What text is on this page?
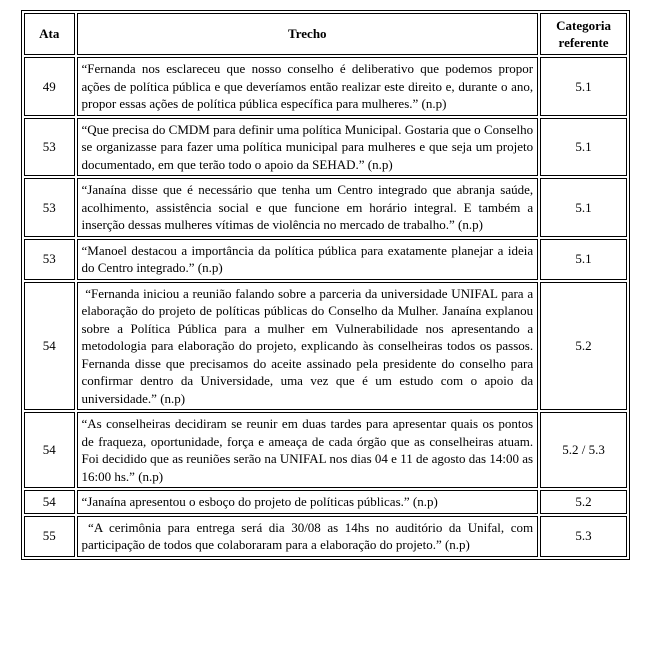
Ata	Trecho	Categoria referente
49	“Fernanda nos esclareceu que nosso conselho é deliberativo que podemos propor ações de política pública e que deveríamos então realizar este direito e, durante o ano, propor essas ações de política pública específica para mulheres.” (n.p)	5.1
53	“Que precisa do CMDM para definir uma política Municipal. Gostaria que o Conselho se organizasse para fazer uma política municipal para mulheres e que seja um projeto documentado, em que terão todo o apoio da SEHAD.” (n.p)	5.1
53	“Janaína disse que é necessário que tenha um Centro integrado que abranja saúde, acolhimento, assistência social e que funcione em horário integral. E também a inserção dessas mulheres vítimas de violência no mercado de trabalho.” (n.p)	5.1
53	“Manoel destacou a importância da política pública para exatamente planejar a ideia do Centro integrado.” (n.p)	5.1
54	“Fernanda iniciou a reunião falando sobre a parceria da universidade UNIFAL para a elaboração do projeto de políticas públicas do Conselho da Mulher. Janaína explanou sobre a Política Pública para a mulher em Vulnerabilidade nos apresentando a metodologia para elaboração do projeto, explicando às conselheiras todos os passos. Fernanda disse que precisamos do aceite assinado pela presidente do conselho para confirmar dentro da Universidade, uma vez que é um estudo com o apoio da universidade.” (n.p)	5.2
54	“As conselheiras decidiram se reunir em duas tardes para apresentar quais os pontos de fraqueza, oportunidade, força e ameaça de cada órgão que as conselheiras atuam. Foi decidido que as reuniões serão na UNIFAL nos dias 04 e 11 de agosto das 14:00 as 16:00 hs.” (n.p)	5.2 / 5.3
54	“Janaína apresentou o esboço do projeto de políticas públicas.” (n.p)	5.2
55	“A cerimônia para entrega será dia 30/08 as 14hs no auditório da Unifal, com participação de todos que colaboraram para a elaboração do projeto.” (n.p)	5.3
